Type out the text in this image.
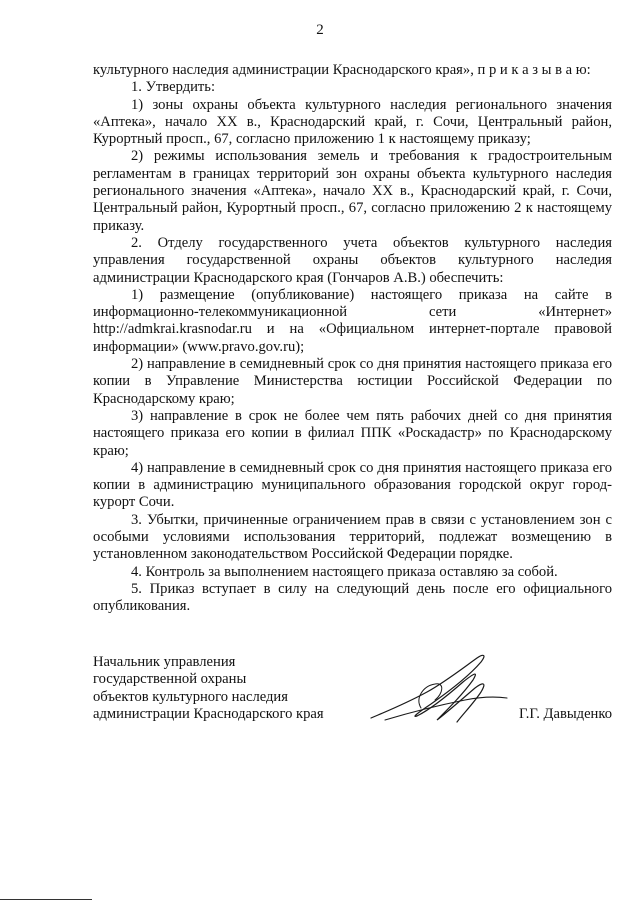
2

культурного наследия администрации Краснодарского края», п р и к а з ы в а ю:

1. Утвердить:

1) зоны охраны объекта культурного наследия регионального значения «Аптека», начало XX в., Краснодарский край, г. Сочи, Центральный район, Курортный просп., 67, согласно приложению 1 к настоящему приказу;

2) режимы использования земель и требования к градостроительным регламентам в границах территорий зон охраны объекта культурного наследия регионального значения «Аптека», начало XX в., Краснодарский край, г. Сочи, Центральный район, Курортный просп., 67, согласно приложению 2 к настоящему приказу.

2. Отделу государственного учета объектов культурного наследия управления государственной охраны объектов культурного наследия администрации Краснодарского края (Гончаров А.В.) обеспечить:

1) размещение (опубликование) настоящего приказа на сайте в информационно-телекоммуникационной сети «Интернет» http://admkrai.krasnodar.ru и на «Официальном интернет-портале правовой информации» (www.pravo.gov.ru);

2) направление в семидневный срок со дня принятия настоящего приказа его копии в Управление Министерства юстиции Российской Федерации по Краснодарскому краю;

3) направление в срок не более чем пять рабочих дней со дня принятия настоящего приказа его копии в филиал ППК «Роскадастр» по Краснодарскому краю;

4) направление в семидневный срок со дня принятия настоящего приказа его копии в администрацию муниципального образования городской округ город-курорт Сочи.

3. Убытки, причиненные ограничением прав в связи с установлением зон с особыми условиями использования территорий, подлежат возмещению в установленном законодательством Российской Федерации порядке.

4. Контроль за выполнением настоящего приказа оставляю за собой.

5. Приказ вступает в силу на следующий день после его официального опубликования.

Начальник управления
государственной охраны
объектов культурного наследия
администрации Краснодарского края	Г.Г. Давыденко
